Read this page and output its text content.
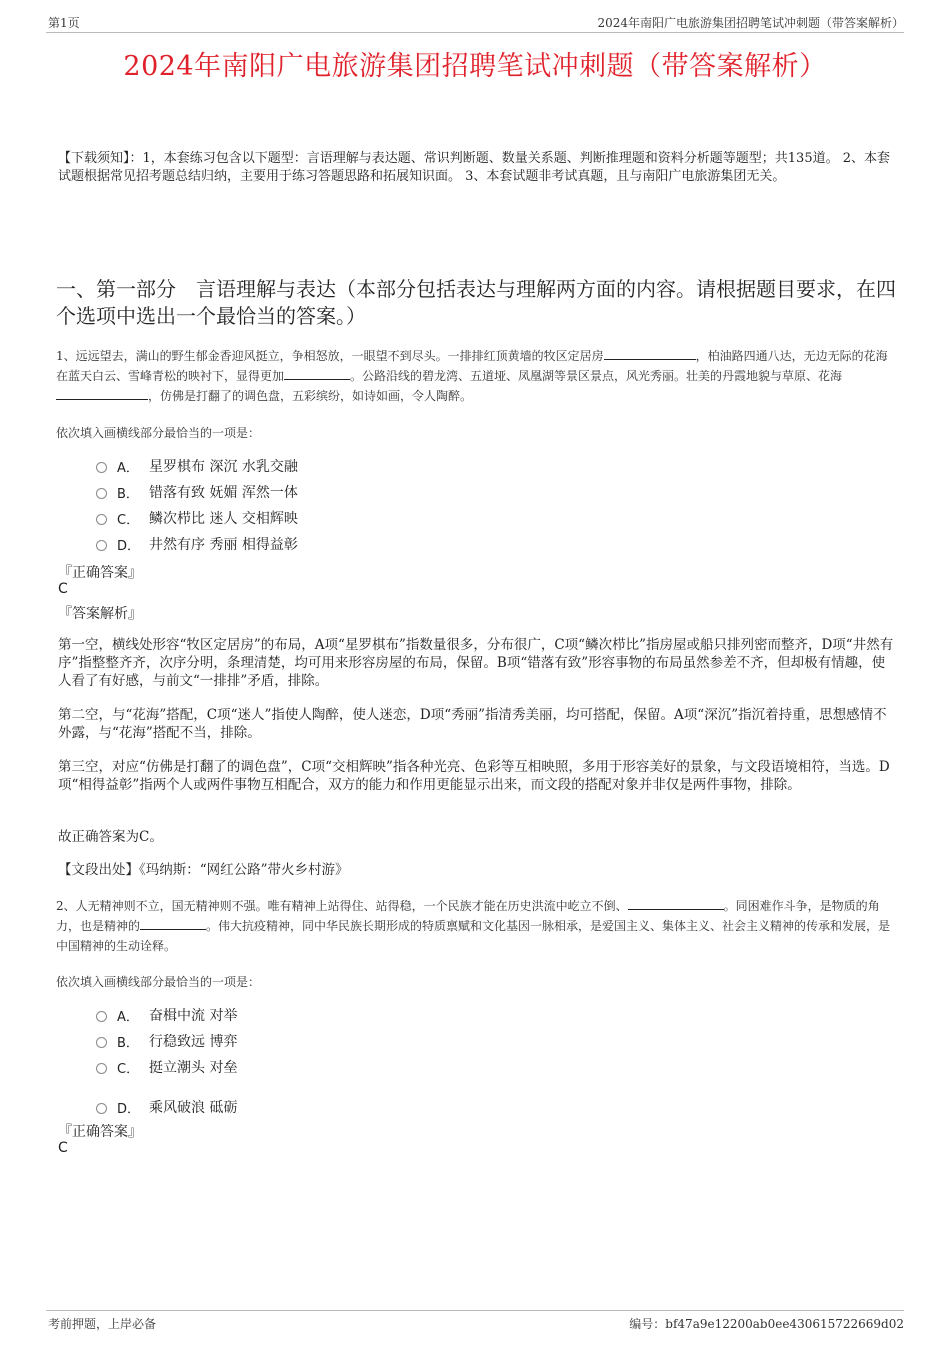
第1页	2024年南阳广电旅游集团招聘笔试冲刺题（带答案解析）
2024年南阳广电旅游集团招聘笔试冲刺题（带答案解析）
【下载须知】：1，本套练习包含以下题型：言语理解与表达题、常识判断题、数量关系题、判断推理题和资料分析题等题型；共135道。 2、本套试题根据常见招考题总结归纳，主要用于练习答题思路和拓展知识面。 3、本套试题非考试真题，且与南阳广电旅游集团无关。
一、第一部分　言语理解与表达（本部分包括表达与理解两方面的内容。请根据题目要求，在四个选项中选出一个最恰当的答案。）
1、远远望去，满山的野生郁金香迎风挺立，争相怒放，一眼望不到尽头。一排排红顶黄墙的牧区定居房	，柏油路四通八达，无边无际的花海在蓝天白云、雪峰青松的映衬下，显得更加	。公路沿线的碧龙湾、五道垭、凤凰湖等景区景点，风光秀丽。壮美的丹霞地貌与草原、花海，仿佛是打翻了的调色盘，五彩缤纷，如诗如画，令人陶醉。
依次填入画横线部分最恰当的一项是：
A． 星罗棋布 深沉 水乳交融
B． 错落有致 妩媚 浑然一体
C． 鳞次栉比 迷人 交相辉映
D． 井然有序 秀丽 相得益彰
『正确答案』
C
『答案解析』
第一空，横线处形容“牧区定居房”的布局，A项“星罗棋布”指数量很多，分布很广，C项“鳞次栉比”指房屋或船只排列密而整齐，D项“井然有序”指整整齐齐，次序分明，条理清楚，均可用来形容房屋的布局，保留。B项“错落有致”形容事物的布局虽然参差不齐，但却极有情趣，使人看了有好感，与前文“一排排”矛盾，排除。
第二空，与“花海”搭配，C项“迷人”指使人陶醉，使人迷恋，D项“秀丽”指清秀美丽，均可搭配，保留。A项“深沉”指沉着持重，思想感情不外露，与“花海”搭配不当，排除。
第三空，对应“仿佛是打翻了的调色盘”，C项“交相辉映”指各种光亮、色彩等互相映照，多用于形容美好的景象，与文段语境相符，当选。D项“相得益彰”指两个人或两件事物互相配合，双方的能力和作用更能显示出来，而文段的搭配对象并非仅是两件事物，排除。
故正确答案为C。
【文段出处】《玛纳斯：“网红公路”带火乡村游》
2、人无精神则不立，国无精神则不强。唯有精神上站得住、站得稳，一个民族才能在历史洪流中屹立不倒、	。同困难作斗争，是物质的角力，也是精神的	。伟大抗疫精神，同中华民族长期形成的特质禀赋和文化基因一脉相承，是爱国主义、集体主义、社会主义精神的传承和发展，是中国精神的生动诠释。
依次填入画横线部分最恰当的一项是：
A． 奋楫中流 对举
B． 行稳致远 博弈
C． 挺立潮头 对垒
D． 乘风破浪 砥砺
『正确答案』
C
考前押题，上岸必备	编号：bf47a9e12200ab0ee430615722669d02
